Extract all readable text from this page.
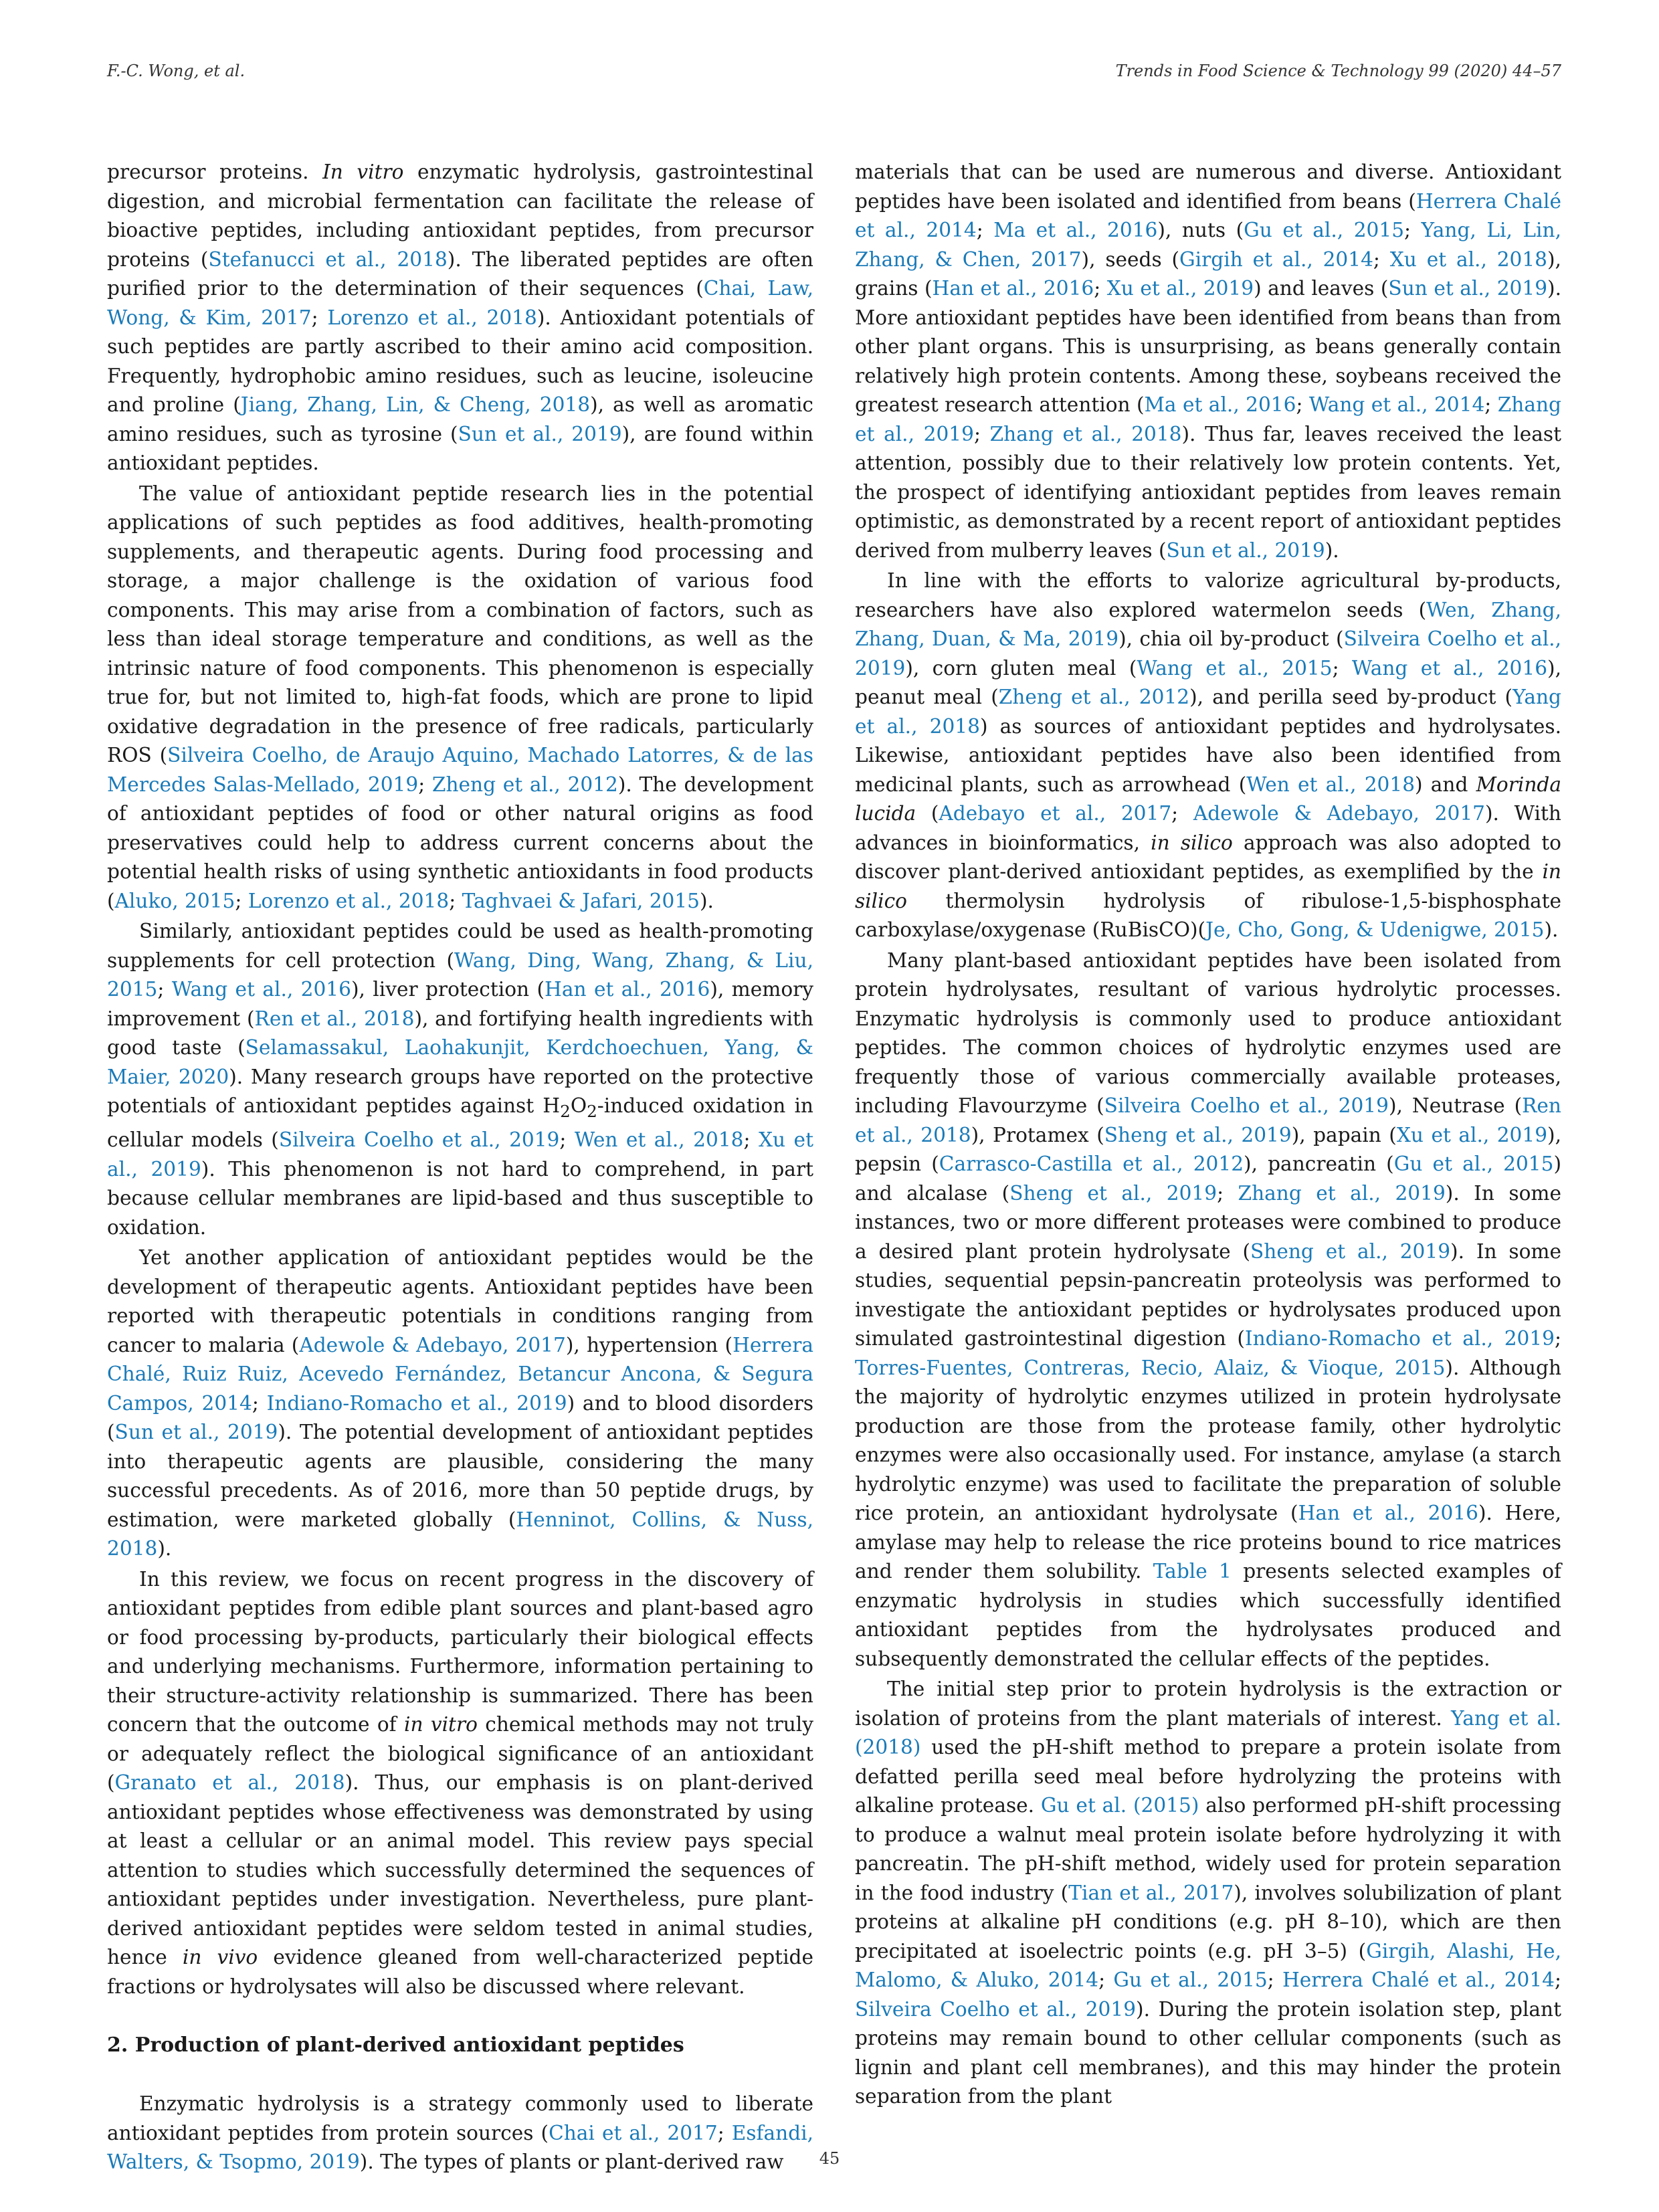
F.-C. Wong, et al.	Trends in Food Science & Technology 99 (2020) 44–57

precursor proteins. In vitro enzymatic hydrolysis, gastrointestinal digestion, and microbial fermentation can facilitate the release of bioactive peptides, including antioxidant peptides, from precursor proteins (Stefanucci et al., 2018). The liberated peptides are often purified prior to the determination of their sequences (Chai, Law, Wong, & Kim, 2017; Lorenzo et al., 2018). Antioxidant potentials of such peptides are partly ascribed to their amino acid composition. Frequently, hydrophobic amino residues, such as leucine, isoleucine and proline (Jiang, Zhang, Lin, & Cheng, 2018), as well as aromatic amino residues, such as tyrosine (Sun et al., 2019), are found within antioxidant peptides.

The value of antioxidant peptide research lies in the potential applications of such peptides as food additives, health-promoting supplements, and therapeutic agents. During food processing and storage, a major challenge is the oxidation of various food components. This may arise from a combination of factors, such as less than ideal storage temperature and conditions, as well as the intrinsic nature of food components. This phenomenon is especially true for, but not limited to, high-fat foods, which are prone to lipid oxidative degradation in the presence of free radicals, particularly ROS (Silveira Coelho, de Araujo Aquino, Machado Latorres, & de las Mercedes Salas-Mellado, 2019; Zheng et al., 2012). The development of antioxidant peptides of food or other natural origins as food preservatives could help to address current concerns about the potential health risks of using synthetic antioxidants in food products (Aluko, 2015; Lorenzo et al., 2018; Taghvaei & Jafari, 2015).

Similarly, antioxidant peptides could be used as health-promoting supplements for cell protection (Wang, Ding, Wang, Zhang, & Liu, 2015; Wang et al., 2016), liver protection (Han et al., 2016), memory improvement (Ren et al., 2018), and fortifying health ingredients with good taste (Selamassakul, Laohakunjit, Kerdchoechuen, Yang, & Maier, 2020). Many research groups have reported on the protective potentials of antioxidant peptides against $H_2O_2$-induced oxidation in cellular models (Silveira Coelho et al., 2019; Wen et al., 2018; Xu et al., 2019). This phenomenon is not hard to comprehend, in part because cellular membranes are lipid-based and thus susceptible to oxidation.

Yet another application of antioxidant peptides would be the development of therapeutic agents. Antioxidant peptides have been reported with therapeutic potentials in conditions ranging from cancer to malaria (Adewole & Adebayo, 2017), hypertension (Herrera Chalé, Ruiz Ruiz, Acevedo Fernández, Betancur Ancona, & Segura Campos, 2014; Indiano-Romacho et al., 2019) and to blood disorders (Sun et al., 2019). The potential development of antioxidant peptides into therapeutic agents are plausible, considering the many successful precedents. As of 2016, more than 50 peptide drugs, by estimation, were marketed globally (Henninot, Collins, & Nuss, 2018).

In this review, we focus on recent progress in the discovery of antioxidant peptides from edible plant sources and plant-based agro or food processing by-products, particularly their biological effects and underlying mechanisms. Furthermore, information pertaining to their structure-activity relationship is summarized. There has been concern that the outcome of in vitro chemical methods may not truly or adequately reflect the biological significance of an antioxidant (Granato et al., 2018). Thus, our emphasis is on plant-derived antioxidant peptides whose effectiveness was demonstrated by using at least a cellular or an animal model. This review pays special attention to studies which successfully determined the sequences of antioxidant peptides under investigation. Nevertheless, pure plant-derived antioxidant peptides were seldom tested in animal studies, hence in vivo evidence gleaned from well-characterized peptide fractions or hydrolysates will also be discussed where relevant.

2. Production of plant-derived antioxidant peptides

Enzymatic hydrolysis is a strategy commonly used to liberate antioxidant peptides from protein sources (Chai et al., 2017; Esfandi, Walters, & Tsopmo, 2019). The types of plants or plant-derived raw

materials that can be used are numerous and diverse. Antioxidant peptides have been isolated and identified from beans (Herrera Chalé et al., 2014; Ma et al., 2016), nuts (Gu et al., 2015; Yang, Li, Lin, Zhang, & Chen, 2017), seeds (Girgih et al., 2014; Xu et al., 2018), grains (Han et al., 2016; Xu et al., 2019) and leaves (Sun et al., 2019). More antioxidant peptides have been identified from beans than from other plant organs. This is unsurprising, as beans generally contain relatively high protein contents. Among these, soybeans received the greatest research attention (Ma et al., 2016; Wang et al., 2014; Zhang et al., 2019; Zhang et al., 2018). Thus far, leaves received the least attention, possibly due to their relatively low protein contents. Yet, the prospect of identifying antioxidant peptides from leaves remain optimistic, as demonstrated by a recent report of antioxidant peptides derived from mulberry leaves (Sun et al., 2019).

In line with the efforts to valorize agricultural by-products, researchers have also explored watermelon seeds (Wen, Zhang, Zhang, Duan, & Ma, 2019), chia oil by-product (Silveira Coelho et al., 2019), corn gluten meal (Wang et al., 2015; Wang et al., 2016), peanut meal (Zheng et al., 2012), and perilla seed by-product (Yang et al., 2018) as sources of antioxidant peptides and hydrolysates. Likewise, antioxidant peptides have also been identified from medicinal plants, such as arrowhead (Wen et al., 2018) and Morinda lucida (Adebayo et al., 2017; Adewole & Adebayo, 2017). With advances in bioinformatics, in silico approach was also adopted to discover plant-derived antioxidant peptides, as exemplified by the in silico thermolysin hydrolysis of ribulose-1,5-bisphosphate carboxylase/oxygenase (RuBisCO)(Je, Cho, Gong, & Udenigwe, 2015).

Many plant-based antioxidant peptides have been isolated from protein hydrolysates, resultant of various hydrolytic processes. Enzymatic hydrolysis is commonly used to produce antioxidant peptides. The common choices of hydrolytic enzymes used are frequently those of various commercially available proteases, including Flavourzyme (Silveira Coelho et al., 2019), Neutrase (Ren et al., 2018), Protamex (Sheng et al., 2019), papain (Xu et al., 2019), pepsin (Carrasco-Castilla et al., 2012), pancreatin (Gu et al., 2015) and alcalase (Sheng et al., 2019; Zhang et al., 2019). In some instances, two or more different proteases were combined to produce a desired plant protein hydrolysate (Sheng et al., 2019). In some studies, sequential pepsin-pancreatin proteolysis was performed to investigate the antioxidant peptides or hydrolysates produced upon simulated gastrointestinal digestion (Indiano-Romacho et al., 2019; Torres-Fuentes, Contreras, Recio, Alaiz, & Vioque, 2015). Although the majority of hydrolytic enzymes utilized in protein hydrolysate production are those from the protease family, other hydrolytic enzymes were also occasionally used. For instance, amylase (a starch hydrolytic enzyme) was used to facilitate the preparation of soluble rice protein, an antioxidant hydrolysate (Han et al., 2016). Here, amylase may help to release the rice proteins bound to rice matrices and render them solubility. Table 1 presents selected examples of enzymatic hydrolysis in studies which successfully identified antioxidant peptides from the hydrolysates produced and subsequently demonstrated the cellular effects of the peptides.

The initial step prior to protein hydrolysis is the extraction or isolation of proteins from the plant materials of interest. Yang et al. (2018) used the pH-shift method to prepare a protein isolate from defatted perilla seed meal before hydrolyzing the proteins with alkaline protease. Gu et al. (2015) also performed pH-shift processing to produce a walnut meal protein isolate before hydrolyzing it with pancreatin. The pH-shift method, widely used for protein separation in the food industry (Tian et al., 2017), involves solubilization of plant proteins at alkaline pH conditions (e.g. pH 8–10), which are then precipitated at isoelectric points (e.g. pH 3–5) (Girgih, Alashi, He, Malomo, & Aluko, 2014; Gu et al., 2015; Herrera Chalé et al., 2014; Silveira Coelho et al., 2019). During the protein isolation step, plant proteins may remain bound to other cellular components (such as lignin and plant cell membranes), and this may hinder the protein separation from the plant

45
